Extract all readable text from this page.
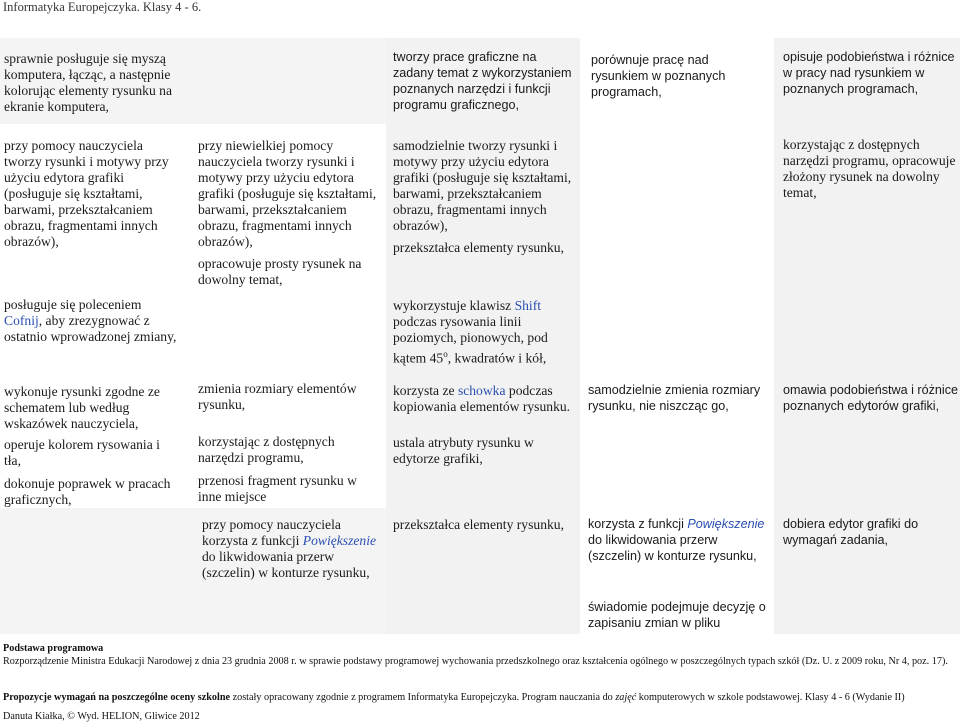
Informatyka Europejczyka. Klasy 4 - 6.
sprawnie posługuje się myszą komputera, łącząc, a następnie kolorując elementy rysunku na ekranie komputera,
przy pomocy nauczyciela tworzy rysunki i motywy przy użyciu edytora grafiki (posługuje się kształtami, barwami, przekształcaniem obrazu, fragmentami innych obrazów),
posługuje się poleceniem
Cofnij, aby zrezygnować z ostatnio wprowadzonej zmiany,
wykonuje rysunki zgodne ze schematem lub według wskazówek nauczyciela,
operuje kolorem rysowania i tła,
dokonuje poprawek w pracach graficznych,
przy niewielkiej pomocy nauczyciela tworzy rysunki i motywy przy użyciu edytora grafiki (posługuje się kształtami, barwami, przekształcaniem obrazu, fragmentami innych obrazów),
opracowuje prosty rysunek na dowolny temat,
zmienia rozmiary elementów rysunku,
korzystając z dostępnych narzędzi programu,
przenosi fragment rysunku w inne miejsce
przy pomocy nauczyciela korzysta z funkcji Powiększenie do likwidowania przerw (szczelin) w konturze rysunku,
tworzy prace graficzne na zadany temat z wykorzystaniem poznanych narzędzi i funkcji programu graficznego,
samodzielnie tworzy rysunki i motywy przy użyciu edytora grafiki (posługuje się kształtami, barwami, przekształcaniem obrazu, fragmentami innych obrazów),
przekształca elementy rysunku,
wykorzystuje klawisz Shift podczas rysowania linii poziomych, pionowych, pod kątem 45$^o$, kwadratów i kół,
korzysta ze schowka podczas kopiowania elementów rysunku.
ustala atrybuty rysunku w edytorze grafiki,
przekształca elementy rysunku,
porównuje pracę nad rysunkiem w poznanych programach,
samodzielnie zmienia rozmiary rysunku, nie niszcząc go,
korzysta z funkcji Powiększenie do likwidowania przerw (szczelin) w konturze rysunku,
świadomie podejmuje decyzję o zapisaniu zmian w pliku
opisuje podobieństwa i różnice w pracy nad rysunkiem w poznanych programach,
korzystając z dostępnych narzędzi programu, opracowuje złożony rysunek na dowolny temat,
omawia podobieństwa i różnice poznanych edytorów grafiki,
dobiera edytor grafiki do wymagań zadania,
Podstawa programowa
Rozporządzenie Ministra Edukacji Narodowej z dnia 23 grudnia 2008 r. w sprawie podstawy programowej wychowania przedszkolnego oraz kształcenia ogólnego w poszczególnych typach szkół (Dz. U. z 2009 roku, Nr 4, poz. 17).
Propozycje wymagań na poszczególne oceny szkolne zostały opracowany zgodnie z programem Informatyka Europejczyka. Program nauczania do zajęć komputerowych w szkole podstawowej. Klasy 4 - 6 (Wydanie II)
Danuta Kiałka, © Wyd. HELION, Gliwice 2012
